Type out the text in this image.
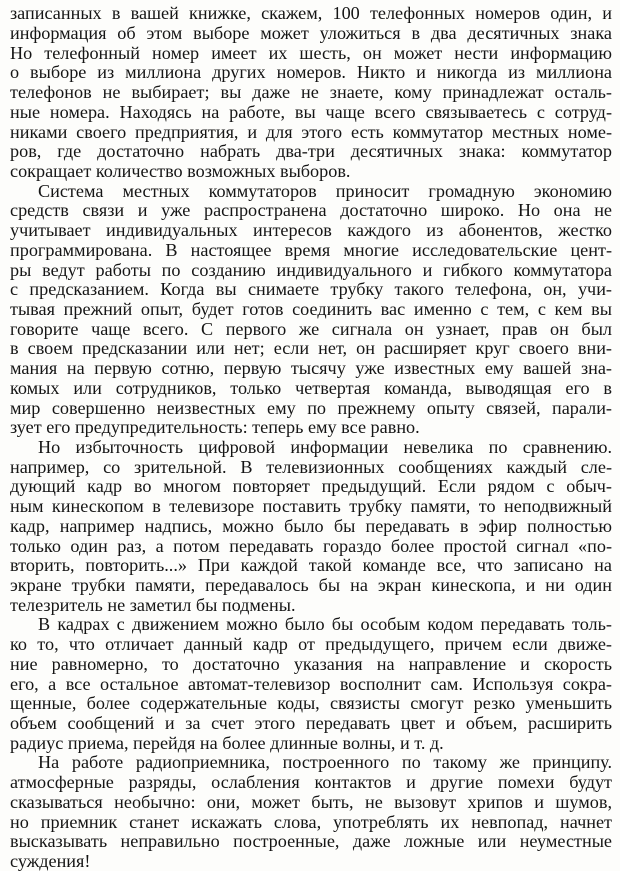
записанных в вашей книжке, скажем, 100 телефонных номеров один, и
информация об этом выборе может уложиться в два десятичных знака
Но телефонный номер имеет их шесть, он может нести информацию
о выборе из миллиона других номеров. Никто и никогда из миллиона
телефонов не выбирает; вы даже не знаете, кому принадлежат осталь-
ные номера. Находясь на работе, вы чаще всего связываетесь с сотруд-
никами своего предприятия, и для этого есть коммутатор местных номе-
ров, где достаточно набрать два-три десятичных знака: коммутатор
сокращает количество возможных выборов.
Система местных коммутаторов приносит громадную экономию
средств связи и уже распространена достаточно широко. Но она не
учитывает индивидуальных интересов каждого из абонентов, жестко
программирована. В настоящее время многие исследовательские цент-
ры ведут работы по созданию индивидуального и гибкого коммутатора
с предсказанием. Когда вы снимаете трубку такого телефона, он, учи-
тывая прежний опыт, будет готов соединить вас именно с тем, с кем вы
говорите чаще всего. С первого же сигнала он узнает, прав он был
в своем предсказании или нет; если нет, он расширяет круг своего вни-
мания на первую сотню, первую тысячу уже известных ему вашей зна-
комых или сотрудников, только четвертая команда, выводящая его в
мир совершенно неизвестных ему по прежнему опыту связей, парали-
зует его предупредительность: теперь ему все равно.
Но избыточность цифровой информации невелика по сравнению.
например, со зрительной. В телевизионных сообщениях каждый сле-
дующий кадр во многом повторяет предыдущий. Если рядом с обыч-
ным кинескопом в телевизоре поставить трубку памяти, то неподвижный
кадр, например надпись, можно было бы передавать в эфир полностью
только один раз, а потом передавать гораздо более простой сигнал «по-
вторить, повторить...» При каждой такой команде все, что записано на
экране трубки памяти, передавалось бы на экран кинескопа, и ни один
телезритель не заметил бы подмены.
В кадрах с движением можно было бы особым кодом передавать толь-
ко то, что отличает данный кадр от предыдущего, причем если движе-
ние равномерно, то достаточно указания на направление и скорость
его, а все остальное автомат-телевизор восполнит сам. Используя сокра-
щенные, более содержательные коды, связисты смогут резко уменьшить
объем сообщений и за счет этого передавать цвет и объем, расширить
радиус приема, перейдя на более длинные волны, и т. д.
На работе радиоприемника, построенного по такому же принципу.
атмосферные разряды, ослабления контактов и другие помехи будут
сказываться необычно: они, может быть, не вызовут хрипов и шумов,
но приемник станет искажать слова, употреблять их невпопад, начнет
высказывать неправильно построенные, даже ложные или неуместные
суждения!
